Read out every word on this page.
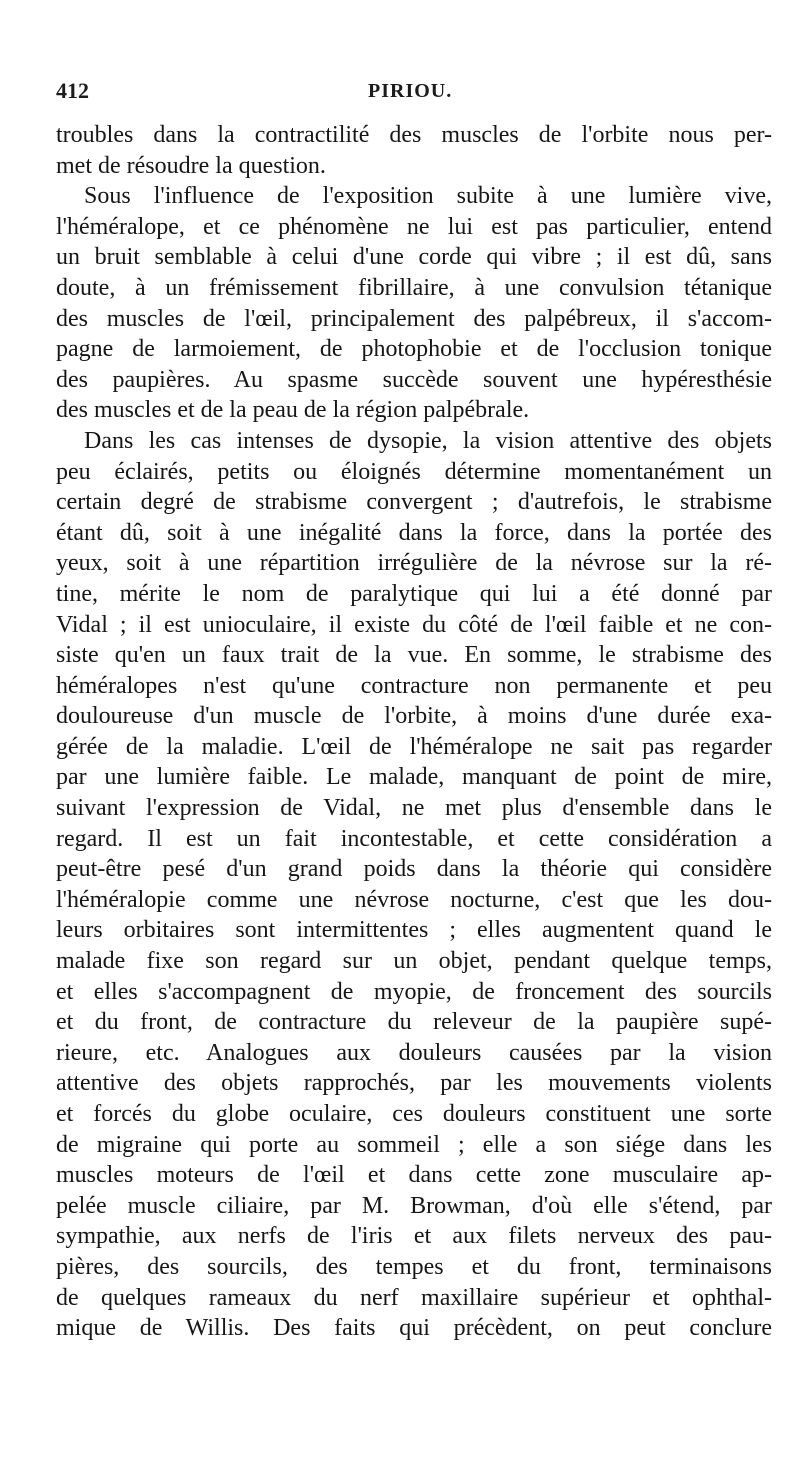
412	PIRIOU.
troubles dans la contractilité des muscles de l'orbite nous per-
met de résoudre la question.
Sous l'influence de l'exposition subite à une lumière vive,
l'héméralope, et ce phénomène ne lui est pas particulier, entend
un bruit semblable à celui d'une corde qui vibre ; il est dû, sans
doute, à un frémissement fibrillaire, à une convulsion tétanique
des muscles de l'œil, principalement des palpébreux, il s'accom-
pagne de larmoiement, de photophobie et de l'occlusion tonique
des paupières. Au spasme succède souvent une hypéresthésie
des muscles et de la peau de la région palpébrale.
Dans les cas intenses de dysopie, la vision attentive des objets
peu éclairés, petits ou éloignés détermine momentanément un
certain degré de strabisme convergent ; d'autrefois, le strabisme
étant dû, soit à une inégalité dans la force, dans la portée des
yeux, soit à une répartition irrégulière de la névrose sur la ré-
tine, mérite le nom de paralytique qui lui a été donné par
Vidal ; il est unioculaire, il existe du côté de l'œil faible et ne con-
siste qu'en un faux trait de la vue. En somme, le strabisme des
héméralopes n'est qu'une contracture non permanente et peu
douloureuse d'un muscle de l'orbite, à moins d'une durée exa-
gérée de la maladie. L'œil de l'héméralope ne sait pas regarder
par une lumière faible. Le malade, manquant de point de mire,
suivant l'expression de Vidal, ne met plus d'ensemble dans le
regard. Il est un fait incontestable, et cette considération a
peut-être pesé d'un grand poids dans la théorie qui considère
l'héméralopie comme une névrose nocturne, c'est que les dou-
leurs orbitaires sont intermittentes ; elles augmentent quand le
malade fixe son regard sur un objet, pendant quelque temps,
et elles s'accompagnent de myopie, de froncement des sourcils
et du front, de contracture du releveur de la paupière supé-
rieure, etc. Analogues aux douleurs causées par la vision
attentive des objets rapprochés, par les mouvements violents
et forcés du globe oculaire, ces douleurs constituent une sorte
de migraine qui porte au sommeil ; elle a son siége dans les
muscles moteurs de l'œil et dans cette zone musculaire ap-
pelée muscle ciliaire, par M. Browman, d'où elle s'étend, par
sympathie, aux nerfs de l'iris et aux filets nerveux des pau-
pières, des sourcils, des tempes et du front, terminaisons
de quelques rameaux du nerf maxillaire supérieur et ophthal-
mique de Willis. Des faits qui précèdent, on peut conclure
